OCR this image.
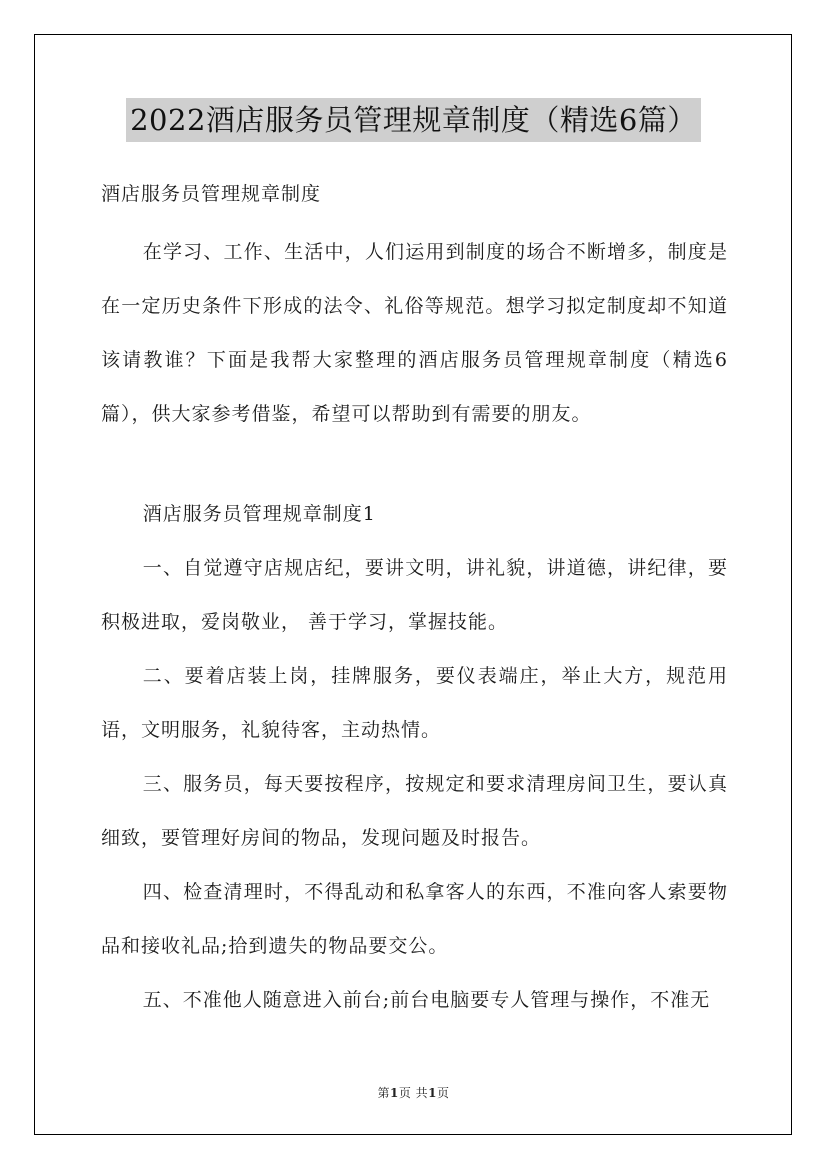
2022酒店服务员管理规章制度（精选6篇）

酒店服务员管理规章制度

在学习、工作、生活中，人们运用到制度的场合不断增多，制度是在一定历史条件下形成的法令、礼俗等规范。想学习拟定制度却不知道该请教谁？下面是我帮大家整理的酒店服务员管理规章制度（精选6篇），供大家参考借鉴，希望可以帮助到有需要的朋友。

酒店服务员管理规章制度1

一、自觉遵守店规店纪，要讲文明，讲礼貌，讲道德，讲纪律，要积极进取，爱岗敬业， 善于学习，掌握技能。

二、要着店装上岗，挂牌服务，要仪表端庄，举止大方，规范用语，文明服务，礼貌待客，主动热情。

三、服务员，每天要按程序，按规定和要求清理房间卫生，要认真细致，要管理好房间的物品，发现问题及时报告。

四、检查清理时，不得乱动和私拿客人的东西，不准向客人索要物品和接收礼品;拾到遗失的物品要交公。

五、不准他人随意进入前台;前台电脑要专人管理与操作，不准无

第1页 共1页
